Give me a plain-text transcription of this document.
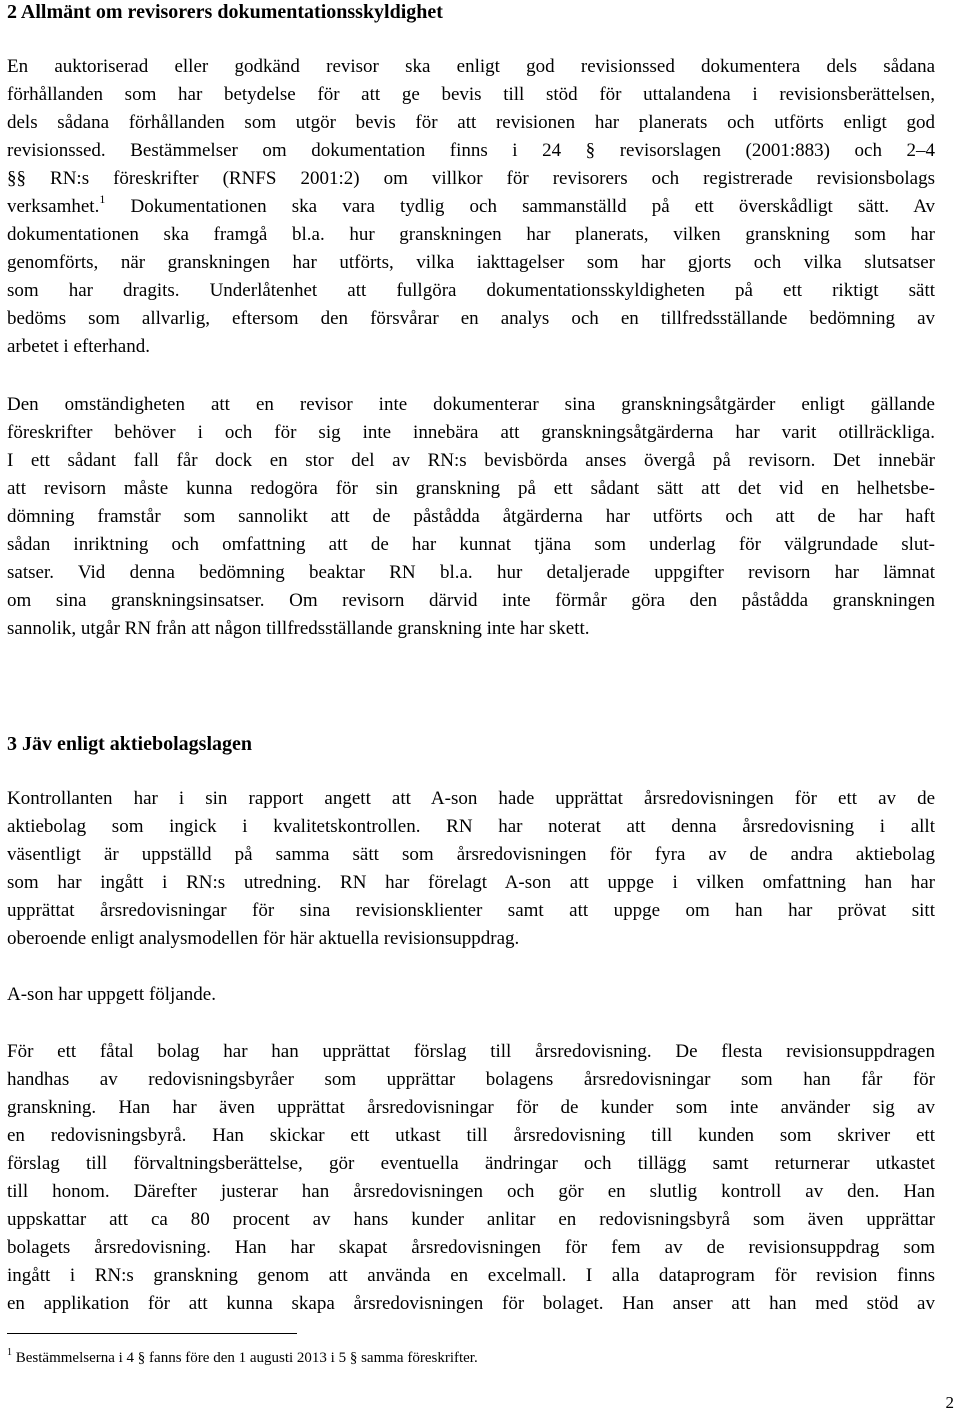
2 Allmänt om revisorers dokumentationsskyldighet
En auktoriserad eller godkänd revisor ska enligt god revisionssed dokumentera dels sådana
förhållanden som har betydelse för att ge bevis till stöd för uttalandena i revisionsberättelsen,
dels sådana förhållanden som utgör bevis för att revisionen har planerats och utförts enligt god
revisionssed. Bestämmelser om dokumentation finns i 24 § revisorslagen (2001:883) och 2–4
§§ RN:s föreskrifter (RNFS 2001:2) om villkor för revisorers och registrerade revisionsbolags
verksamhet.$^1$ Dokumentationen ska vara tydlig och sammanställd på ett överskådligt sätt. Av
dokumentationen ska framgå bl.a. hur granskningen har planerats, vilken granskning som har
genomförts, när granskningen har utförts, vilka iakttagelser som har gjorts och vilka slutsatser
som har dragits. Underlåtenhet att fullgöra dokumentationsskyldigheten på ett riktigt sätt
bedöms som allvarlig, eftersom den försvårar en analys och en tillfredsställande bedömning av
arbetet i efterhand.
Den omständigheten att en revisor inte dokumenterar sina granskningsåtgärder enligt gällande
föreskrifter behöver i och för sig inte innebära att granskningsåtgärderna har varit otillräckliga.
I ett sådant fall får dock en stor del av RN:s bevisbörda anses övergå på revisorn. Det innebär
att revisorn måste kunna redogöra för sin granskning på ett sådant sätt att det vid en helhetsbe-
dömning framstår som sannolikt att de påstådda åtgärderna har utförts och att de har haft
sådan inriktning och omfattning att de har kunnat tjäna som underlag för välgrundade slut-
satser. Vid denna bedömning beaktar RN bl.a. hur detaljerade uppgifter revisorn har lämnat
om sina granskningsinsatser. Om revisorn därvid inte förmår göra den påstådda granskningen
sannolik, utgår RN från att någon tillfredsställande granskning inte har skett.
3 Jäv enligt aktiebolagslagen
Kontrollanten har i sin rapport angett att A-son hade upprättat årsredovisningen för ett av de
aktiebolag som ingick i kvalitetskontrollen. RN har noterat att denna årsredovisning i allt
väsentligt är uppställd på samma sätt som årsredovisningen för fyra av de andra aktiebolag
som har ingått i RN:s utredning. RN har förelagt A-son att uppge i vilken omfattning han har
upprättat årsredovisningar för sina revisionsklienter samt att uppge om han har prövat sitt
oberoende enligt analysmodellen för här aktuella revisionsuppdrag.

A-son har uppgett följande.

För ett fåtal bolag har han upprättat förslag till årsredovisning. De flesta revisionsuppdragen
handhas av redovisningsbyråer som upprättar bolagens årsredovisningar som han får för
granskning. Han har även upprättat årsredovisningar för de kunder som inte använder sig av
en redovisningsbyrå. Han skickar ett utkast till årsredovisning till kunden som skriver ett
förslag till förvaltningsberättelse, gör eventuella ändringar och tillägg samt returnerar utkastet
till honom. Därefter justerar han årsredovisningen och gör en slutlig kontroll av den. Han
uppskattar att ca 80 procent av hans kunder anlitar en redovisningsbyrå som även upprättar
bolagets årsredovisning. Han har skapat årsredovisningen för fem av de revisionsuppdrag som
ingått i RN:s granskning genom att använda en excelmall. I alla dataprogram för revision finns
en applikation för att kunna skapa årsredovisningen för bolaget. Han anser att han med stöd av
$^1$ Bestämmelserna i 4 § fanns före den 1 augusti 2013 i 5 § samma föreskrifter.
2
